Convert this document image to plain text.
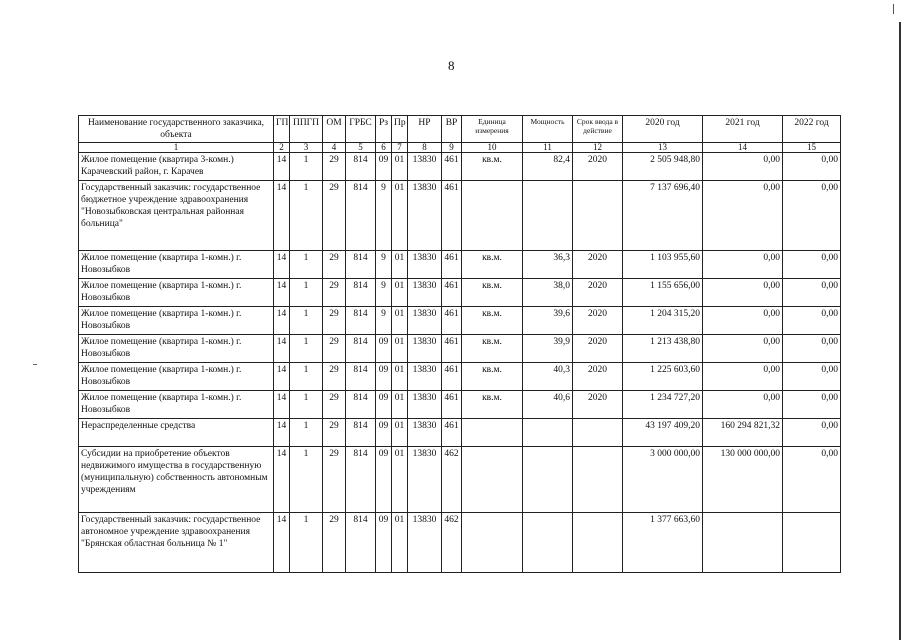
8
Наименование государственного заказчика, объекта	ГП	ППГП	ОМ	ГРБС	Рз	Пр	НР	ВР	Единица измерения	Мощность	Срок ввода в действие	2020 год	2021 год	2022 год
1	2	3	4	5	6	7	8	9	10	11	12	13	14	15
Жилое помещение (квартира 3-комн.) Карачевский район, г. Карачев	14	1	29	814	09	01	13830	461	кв.м.	82,4	2020	2 505 948,80	0,00	0,00
Государственный заказчик: государственное бюджетное учреждение здравоохранения "Новозыбковская центральная районная больница"	14	1	29	814	9	01	13830	461				7 137 696,40	0,00	0,00
Жилое помещение (квартира 1-комн.) г. Новозыбков	14	1	29	814	9	01	13830	461	кв.м.	36,3	2020	1 103 955,60	0,00	0,00
Жилое помещение (квартира 1-комн.) г. Новозыбков	14	1	29	814	9	01	13830	461	кв.м.	38,0	2020	1 155 656,00	0,00	0,00
Жилое помещение (квартира 1-комн.) г. Новозыбков	14	1	29	814	9	01	13830	461	кв.м.	39,6	2020	1 204 315,20	0,00	0,00
Жилое помещение (квартира 1-комн.) г. Новозыбков	14	1	29	814	09	01	13830	461	кв.м.	39,9	2020	1 213 438,80	0,00	0,00
Жилое помещение (квартира 1-комн.) г. Новозыбков	14	1	29	814	09	01	13830	461	кв.м.	40,3	2020	1 225 603,60	0,00	0,00
Жилое помещение (квартира 1-комн.) г. Новозыбков	14	1	29	814	09	01	13830	461	кв.м.	40,6	2020	1 234 727,20	0,00	0,00
Нераспределенные средства	14	1	29	814	09	01	13830	461				43 197 409,20	160 294 821,32	0,00
Субсидии на приобретение объектов недвижимого имущества в государственную (муниципальную) собственность автономным учреждениям	14	1	29	814	09	01	13830	462				3 000 000,00	130 000 000,00	0,00
Государственный заказчик: государственное автономное учреждение здравоохранения "Брянская областная больница № 1"	14	1	29	814	09	01	13830	462				1 377 663,60		
